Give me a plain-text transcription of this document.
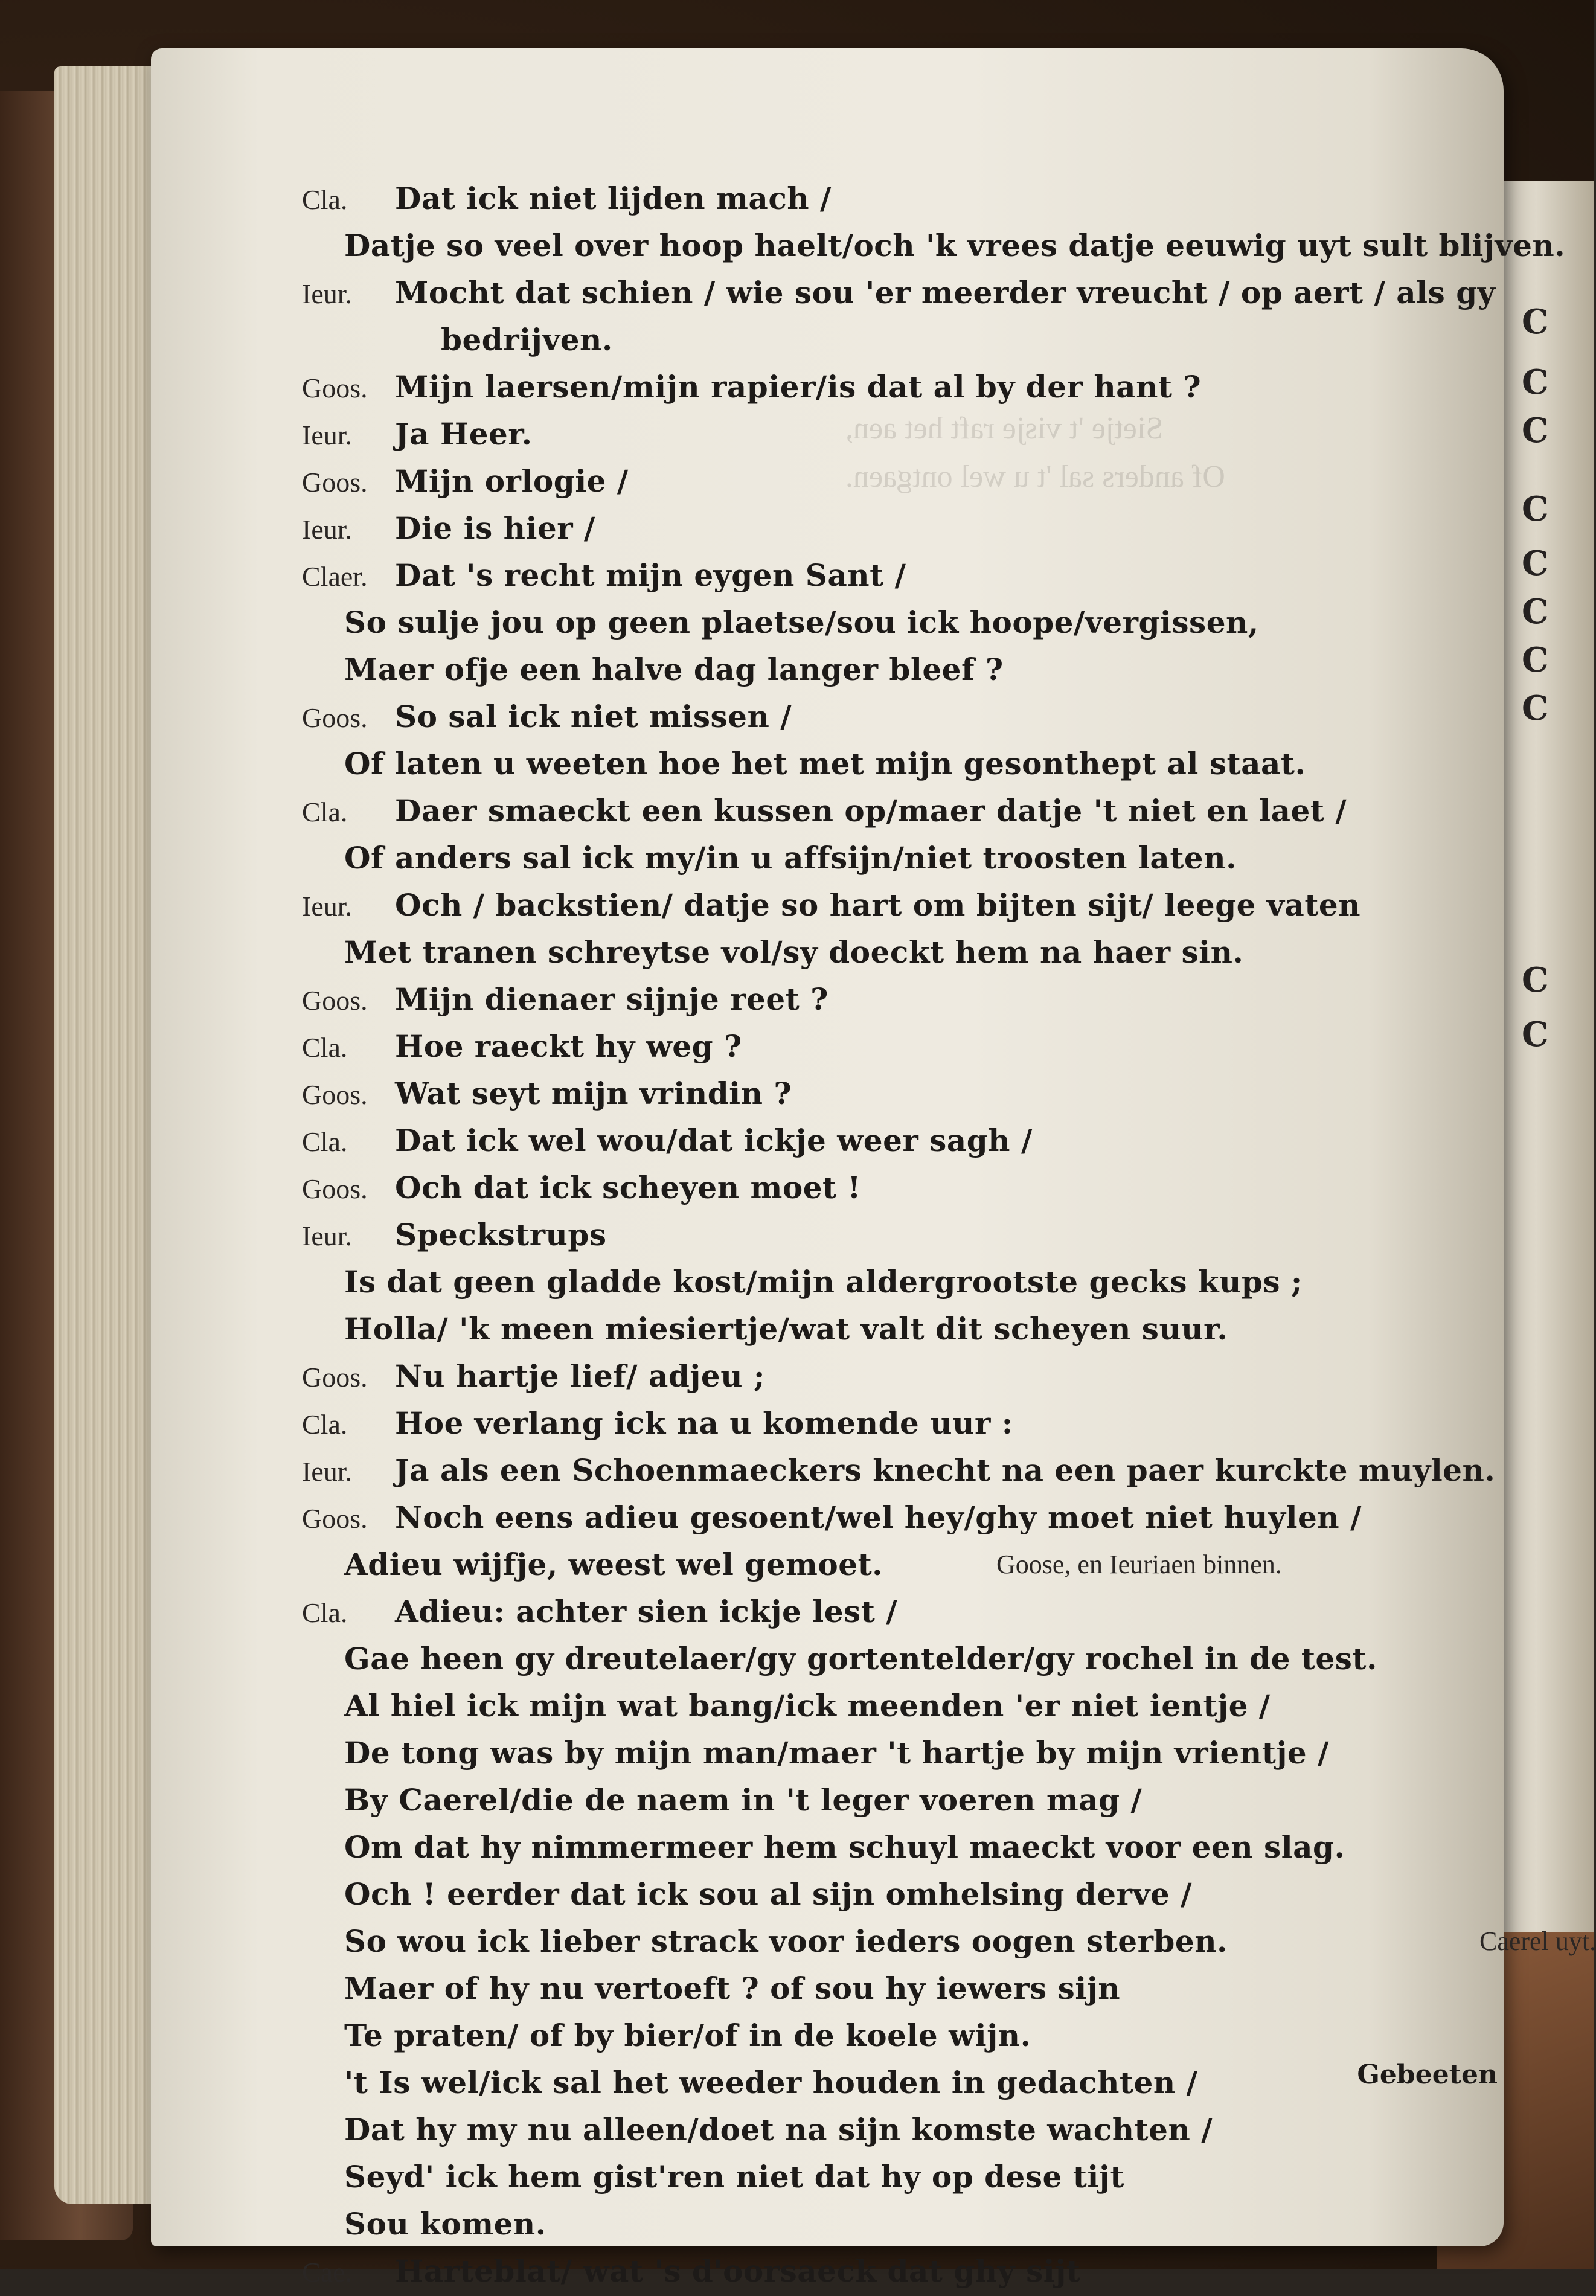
C
C
C
C
C
C
C
C
C
C
Sietje 't visje raft het aen,
Of anders sal 't u wel ontgaen.
Cla. Dat ick niet lijden mach /
Datje so veel over hoop haelt/och 'k vrees datje eeuwig uyt sult blijven.
Ieur. Mocht dat schien / wie sou 'er meerder vreucht / op aert / als gy
bedrijven.
Goos. Mijn laersen/mijn rapier/is dat al by der hant ?
Ieur. Ja Heer.
Goos. Mijn orlogie /
Ieur. Die is hier /
Claer. Dat 's recht mijn eygen Sant /
So sulje jou op geen plaetse/sou ick hoope/vergissen,
Maer ofje een halve dag langer bleef ?
Goos. So sal ick niet missen /
Of laten u weeten hoe het met mijn gesonthept al staat.
Cla. Daer smaeckt een kussen op/maer datje 't niet en laet /
Of anders sal ick my/in u affsijn/niet troosten laten.
Ieur. Och / backstien/ datje so hart om bijten sijt/ leege vaten
Met tranen schreytse vol/sy doeckt hem na haer sin.
Goos. Mijn dienaer sijnje reet ?
Cla. Hoe raeckt hy weg ?
Goos. Wat seyt mijn vrindin ?
Cla. Dat ick wel wou/dat ickje weer sagh /
Goos. Och dat ick scheyen moet !
Ieur. Speckstrups
Is dat geen gladde kost/mijn aldergrootste gecks kups ;
Holla/ 'k meen miesiertje/wat valt dit scheyen suur.
Goos. Nu hartje lief/ adjeu ;
Cla. Hoe verlang ick na u komende uur :
Ieur. Ja als een Schoenmaeckers knecht na een paer kurckte muylen.
Goos. Noch eens adieu gesoent/wel hey/ghy moet niet huylen /
Adieu wijfje, weest wel gemoet.	Goose, en Ieuriaen binnen.
Cla. Adieu: achter sien ickje lest /
Gae heen gy dreutelaer/gy gortentelder/gy rochel in de test.
Al hiel ick mijn wat bang/ick meenden 'er niet ientje /
De tong was by mijn man/maer 't hartje by mijn vrientje /
By Caerel/die de naem in 't leger voeren mag /
Om dat hy nimmermeer hem schuyl maeckt voor een slag.
Och ! eerder dat ick sou al sijn omhelsing derve /
So wou ick lieber strack voor ieders oogen sterben.	Caerel uyt.
Maer of hy nu vertoeft ? of sou hy iewers sijn
Te praten/ of by bier/of in de koele wijn.
't Is wel/ick sal het weeder houden in gedachten /
Dat hy my nu alleen/doet na sijn komste wachten /
Seyd' ick hem gist'ren niet dat hy op dese tijt
Sou komen.
Cae. Harteblat/ wat 's d'oorsaeck dat ghy sijt
Gebeeten
